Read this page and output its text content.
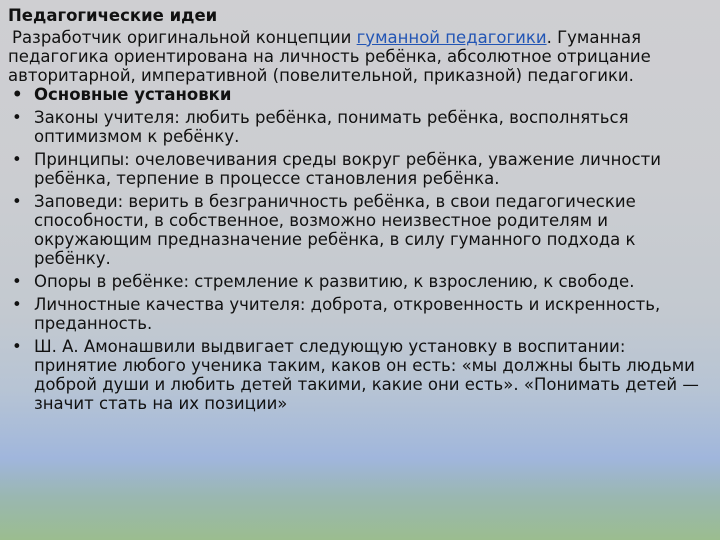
Педагогические идеи

Разработчик оригинальной концепции гуманной педагогики. Гуманная педагогика ориентирована на личность ребёнка, абсолютное отрицание авторитарной, императивной (повелительной, приказной) педагогики.

• Основные установки
• Законы учителя: любить ребёнка, понимать ребёнка, восполняться оптимизмом к ребёнку.
• Принципы: очеловечивания среды вокруг ребёнка, уважение личности ребёнка, терпение в процессе становления ребёнка.
• Заповеди: верить в безграничность ребёнка, в свои педагогические способности, в собственное, возможно неизвестное родителям и окружающим предназначение ребёнка, в силу гуманного подхода к ребёнку.
• Опоры в ребёнке: стремление к развитию, к взрослению, к свободе.
• Личностные качества учителя: доброта, откровенность и искренность, преданность.
• Ш. А. Амонашвили выдвигает следующую установку в воспитании: принятие любого ученика таким, каков он есть: «мы должны быть людьми доброй души и любить детей такими, какие они есть». «Понимать детей — значит стать на их позиции»
